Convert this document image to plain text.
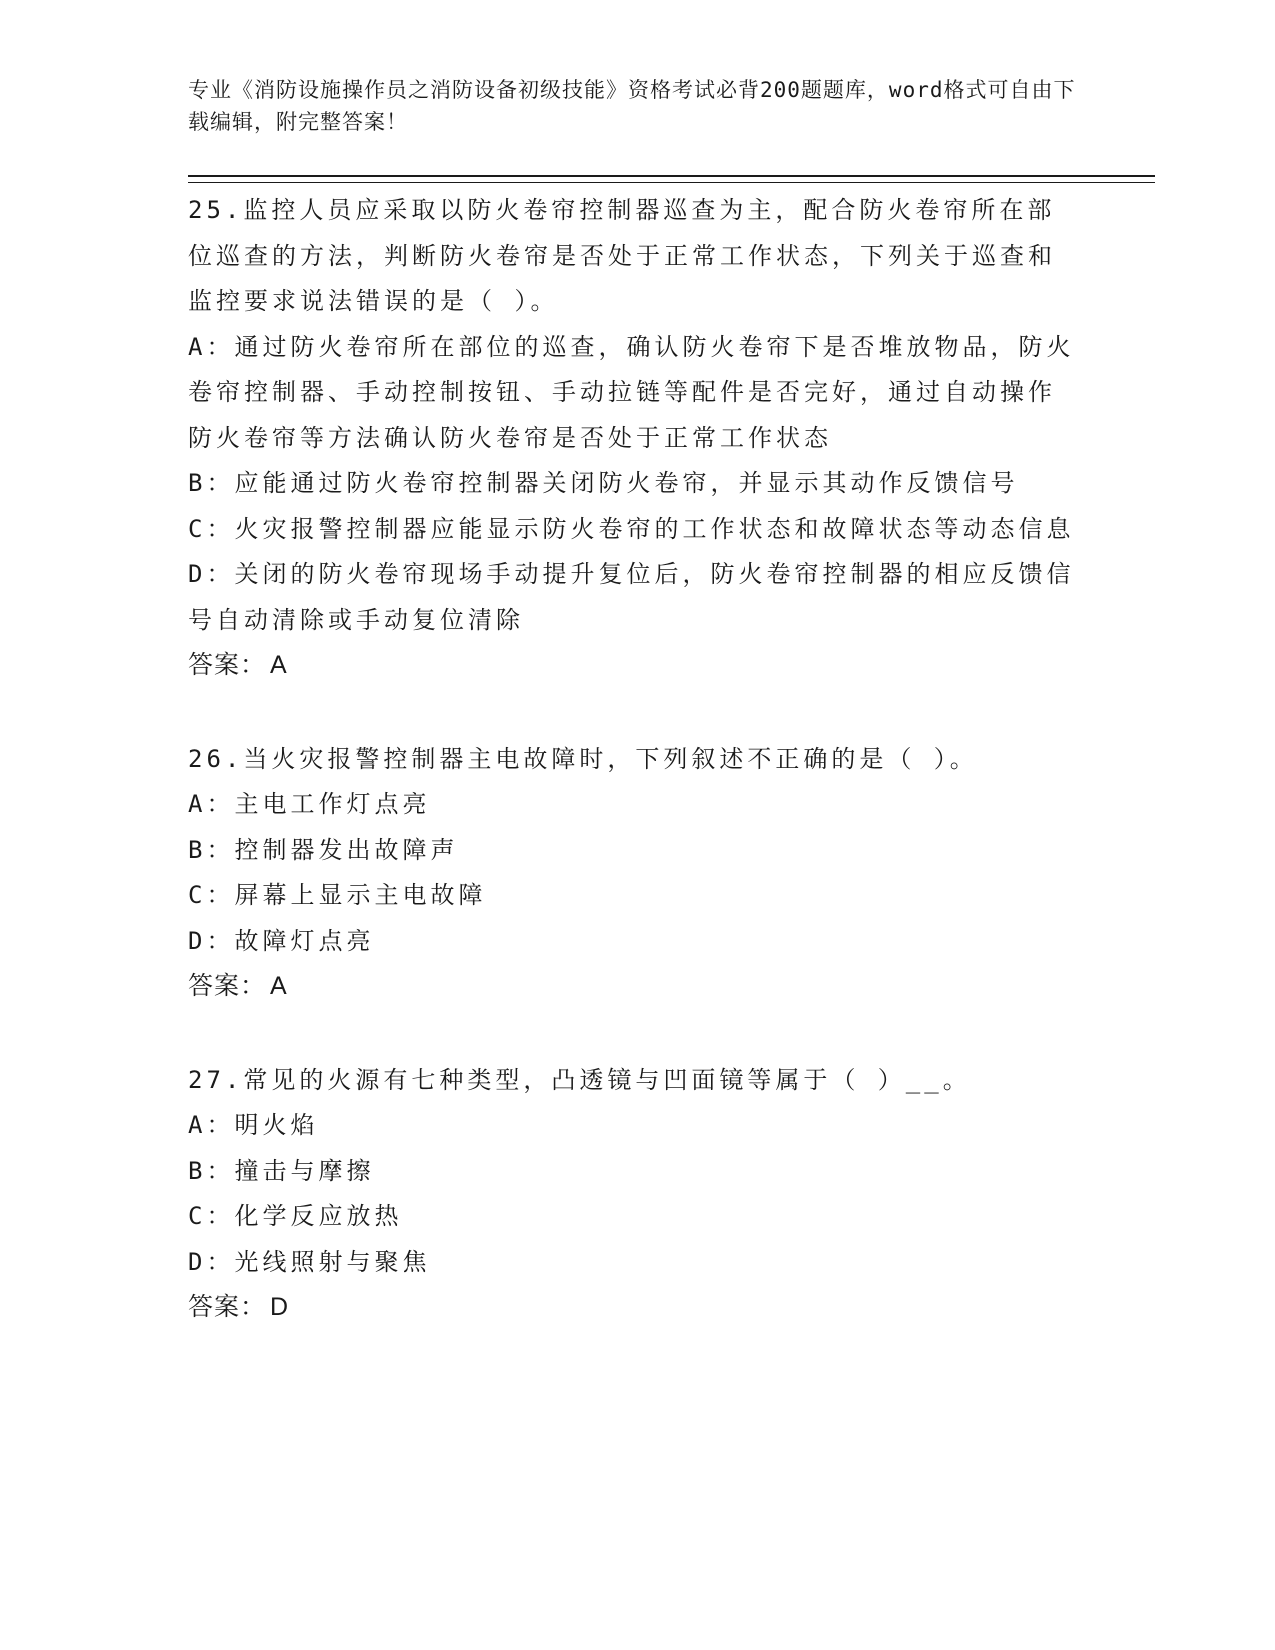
专业《消防设施操作员之消防设备初级技能》资格考试必背200题题库，word格式可自由下载编辑，附完整答案！

25.监控人员应采取以防火卷帘控制器巡查为主，配合防火卷帘所在部位巡查的方法，判断防火卷帘是否处于正常工作状态，下列关于巡查和监控要求说法错误的是（ ）。

A：通过防火卷帘所在部位的巡查，确认防火卷帘下是否堆放物品，防火卷帘控制器、手动控制按钮、手动拉链等配件是否完好，通过自动操作防火卷帘等方法确认防火卷帘是否处于正常工作状态

B：应能通过防火卷帘控制器关闭防火卷帘，并显示其动作反馈信号

C：火灾报警控制器应能显示防火卷帘的工作状态和故障状态等动态信息

D：关闭的防火卷帘现场手动提升复位后，防火卷帘控制器的相应反馈信号自动清除或手动复位清除

答案： A

26.当火灾报警控制器主电故障时，下列叙述不正确的是（ ）。

A：主电工作灯点亮

B：控制器发出故障声

C：屏幕上显示主电故障

D：故障灯点亮

答案： A

27.常见的火源有七种类型，凸透镜与凹面镜等属于（ ）__。

A：明火焰

B：撞击与摩擦

C：化学反应放热

D：光线照射与聚焦

答案： D
